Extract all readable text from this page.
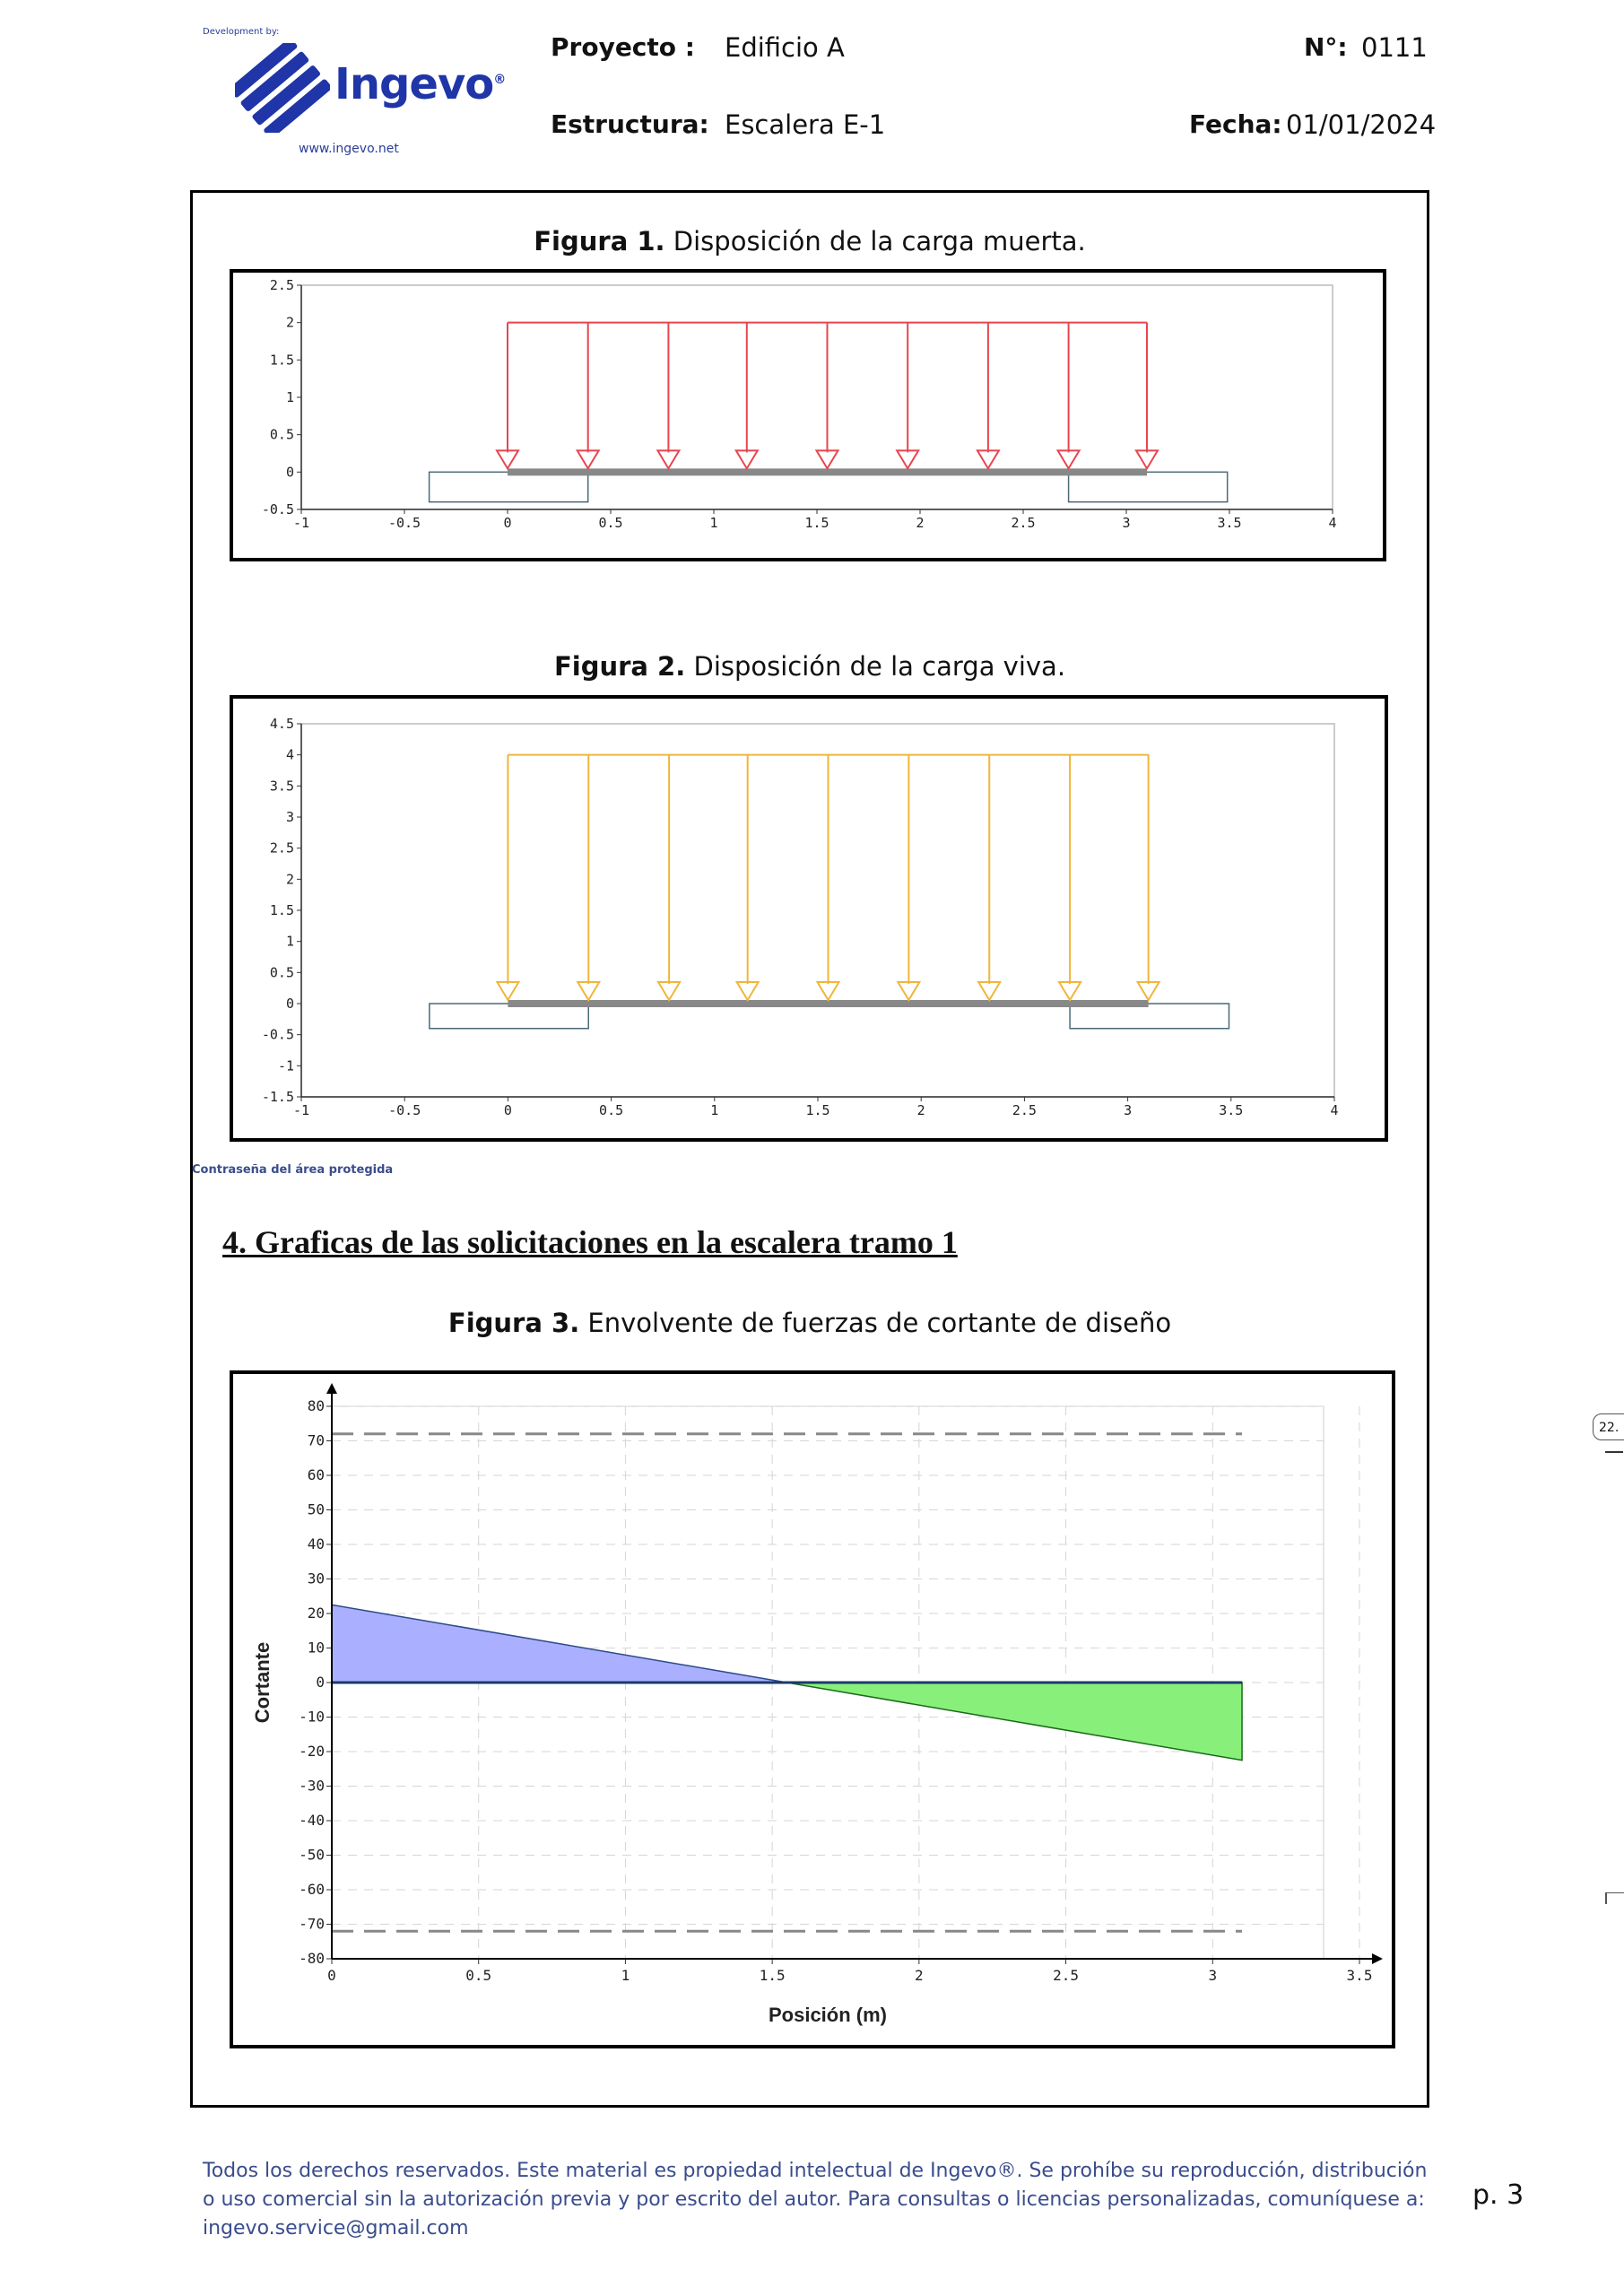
Development by:
Ingevo®
www.ingevo.net
Proyecto : Edificio A
Estructura: Escalera E-1
N°: 0111
Fecha: 01/01/2024
Figura 1. Disposición de la carga muerta.
2.5
2
1.5
1
0.5
0
-0.5
-1	-0.5	0	0.5	1	1.5	2	2.5	3	3.5	4
Figura 2. Disposición de la carga viva.
4.5
4
3.5
3
2.5
2
1.5
1
0.5
0
-0.5
-1
-1.5
-1	-0.5	0	0.5	1	1.5	2	2.5	3	3.5	4
Contraseña del área protegida
4. Graficas de las solicitaciones en la escalera tramo 1
Figura 3. Envolvente de fuerzas de cortante de diseño
80
70
60
50
40
30
20
10
0
-10
-20
-30
-40
-50
-60
-70
-80
0	0.5	1	1.5	2	2.5	3	3.5
Posición (m)
Cortante
Todos los derechos reservados. Este material es propiedad intelectual de Ingevo®. Se prohíbe su reproducción, distribución o uso comercial sin la autorización previa y por escrito del autor. Para consultas o licencias personalizadas, comuníquese a: ingevo.service@gmail.com
p. 3
22.
